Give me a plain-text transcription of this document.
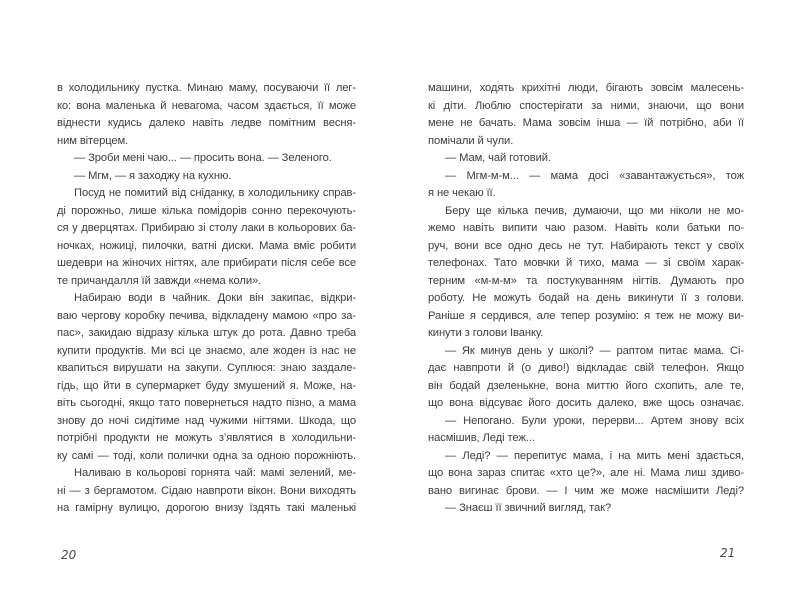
в холодильнику пустка. Минаю маму, посуваючи її лег-
ко: вона маленька й невагома, часом здається, її може
віднести кудись далеко навіть ледве помітним весня-
ним вітерцем.
— Зроби мені чаю... — просить вона. — Зеленого.
— Мгм, — я заходжу на кухню.
Посуд не помитий від сніданку, в холодильнику справ-
ді порожньо, лише кілька помідорів сонно перекочують-
ся у дверцятах. Прибираю зі столу лаки в кольорових ба-
ночках, ножиці, пилочки, ватні диски. Мама вміє робити
шедеври на жіночих нігтях, але прибирати після себе все
те причандалля їй завжди «нема коли».
Набираю води в чайник. Доки він закипає, відкри-
ваю чергову коробку печива, відкладену мамою «про за-
пас», закидаю відразу кілька штук до рота. Давно треба
купити продуктів. Ми всі це знаємо, але жоден із нас не
квапиться вирушати на закупи. Суплюся: знаю заздале-
гідь, що йти в супермаркет буду змушений я. Може, на-
віть сьогодні, якщо тато повернеться надто пізно, а мама
знову до ночі сидітиме над чужими нігтями. Шкода, що
потрібні продукти не можуть з’являтися в холодильни-
ку самі — тоді, коли полички одна за одною порожніють.
Наливаю в кольорові горнята чай: мамі зелений, ме-
ні — з бергамотом. Сідаю навпроти вікон. Вони виходять
на гамірну вулицю, дорогою внизу їздять такі маленькі
машини, ходять крихітні люди, бігають зовсім малесень-
кі діти. Люблю спостерігати за ними, знаючи, що вони
мене не бачать. Мама зовсім інша — їй потрібно, аби її
помічали й чули.
— Мам, чай готовий.
— Мгм-м-м... — мама досі «завантажується», тож
я не чекаю її.
Беру ще кілька печив, думаючи, що ми ніколи не мо-
жемо навіть випити чаю разом. Навіть коли батьки по-
руч, вони все одно десь не тут. Набирають текст у своїх
телефонах. Тато мовчки й тихо, мама — зі своїм харак-
терним «м-м-м» та постукуванням нігтів. Думають про
роботу. Не можуть бодай на день викинути її з голови.
Раніше я сердився, але тепер розумію: я теж не можу ви-
кинути з голови Іванку.
— Як минув день у школі? — раптом питає мама. Сі-
дає навпроти й (о диво!) відкладає свій телефон. Якщо
він бодай дзеленькне, вона миттю його схопить, але те,
що вона відсуває його досить далеко, вже щось означає.
— Непогано. Були уроки, перерви... Артем знову всіх
насмішив, Леді теж...
— Леді? — перепитує мама, і на мить мені здається,
що вона зараз спитає «хто це?», але ні. Мама лиш здиво-
вано вигинає брови. — І чим же може насмішити Леді?
— Знаєш її звичний вигляд, так?
20	21
